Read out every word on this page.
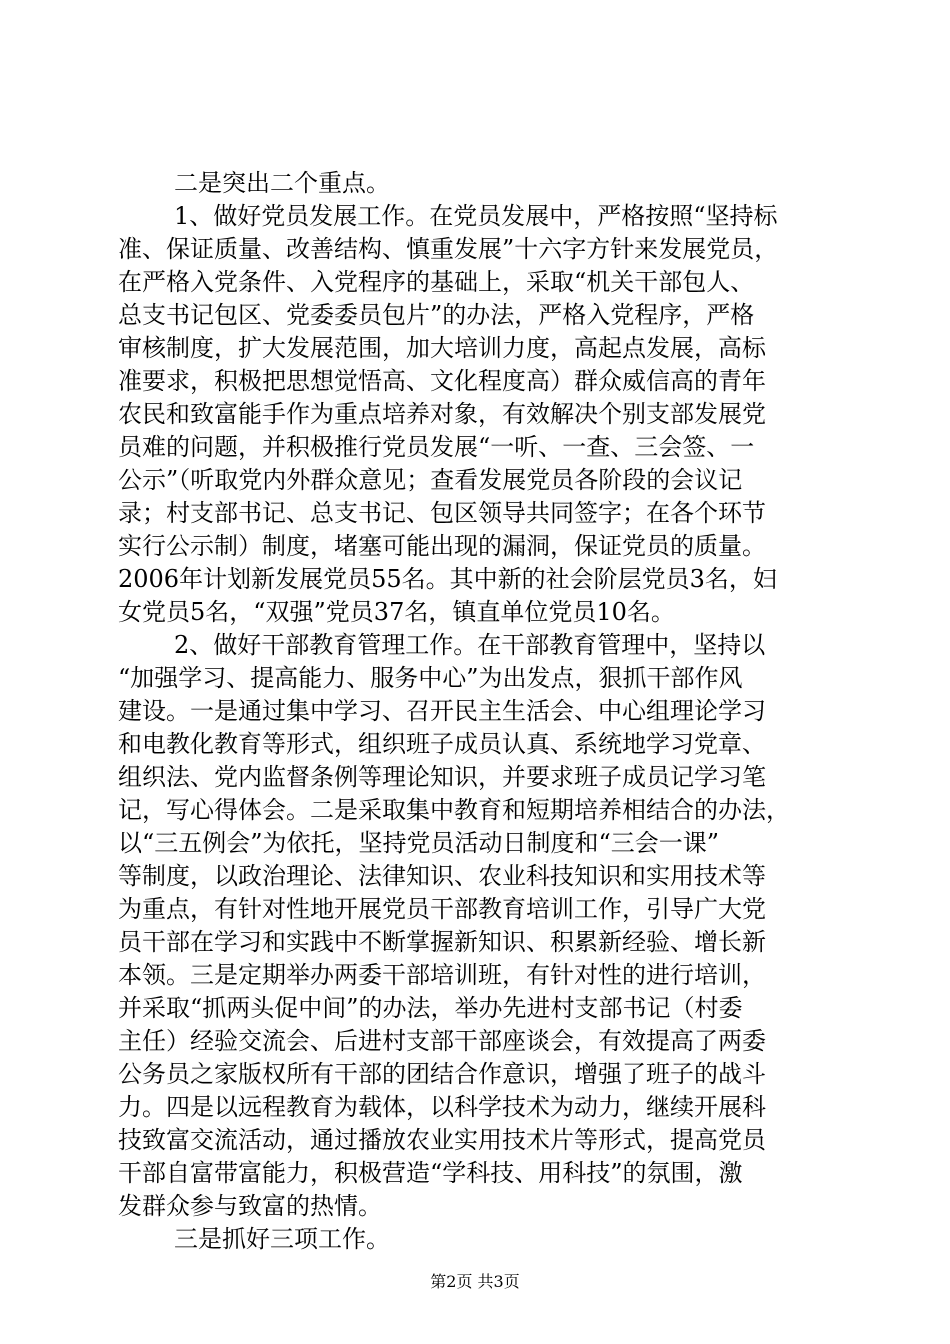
二是突出二个重点。
1、做好党员发展工作。在党员发展中，严格按照“坚持标
准、保证质量、改善结构、慎重发展”十六字方针来发展党员，
在严格入党条件、入党程序的基础上，采取“机关干部包人、
总支书记包区、党委委员包片”的办法，严格入党程序，严格
审核制度，扩大发展范围，加大培训力度，高起点发展，高标
准要求，积极把思想觉悟高、文化程度高）群众威信高的青年
农民和致富能手作为重点培养对象，有效解决个别支部发展党
员难的问题，并积极推行党员发展“一听、一查、三会签、一
公示”（听取党内外群众意见；查看发展党员各阶段的会议记
录；村支部书记、总支书记、包区领导共同签字；在各个环节
实行公示制）制度，堵塞可能出现的漏洞，保证党员的质量。
2006年计划新发展党员55名。其中新的社会阶层党员3名，妇
女党员5名，“双强”党员37名，镇直单位党员10名。
2、做好干部教育管理工作。在干部教育管理中，坚持以
“加强学习、提高能力、服务中心”为出发点，狠抓干部作风
建设。一是通过集中学习、召开民主生活会、中心组理论学习
和电教化教育等形式，组织班子成员认真、系统地学习党章、
组织法、党内监督条例等理论知识，并要求班子成员记学习笔
记，写心得体会。二是采取集中教育和短期培养相结合的办法，
以“三五例会”为依托，坚持党员活动日制度和“三会一课”
等制度，以政治理论、法律知识、农业科技知识和实用技术等
为重点，有针对性地开展党员干部教育培训工作，引导广大党
员干部在学习和实践中不断掌握新知识、积累新经验、增长新
本领。三是定期举办两委干部培训班，有针对性的进行培训，
并采取“抓两头促中间”的办法，举办先进村支部书记（村委
主任）经验交流会、后进村支部干部座谈会，有效提高了两委
公务员之家版权所有干部的团结合作意识，增强了班子的战斗
力。四是以远程教育为载体，以科学技术为动力，继续开展科
技致富交流活动，通过播放农业实用技术片等形式，提高党员
干部自富带富能力，积极营造“学科技、用科技”的氛围，激
发群众参与致富的热情。
三是抓好三项工作。
第2页 共3页
